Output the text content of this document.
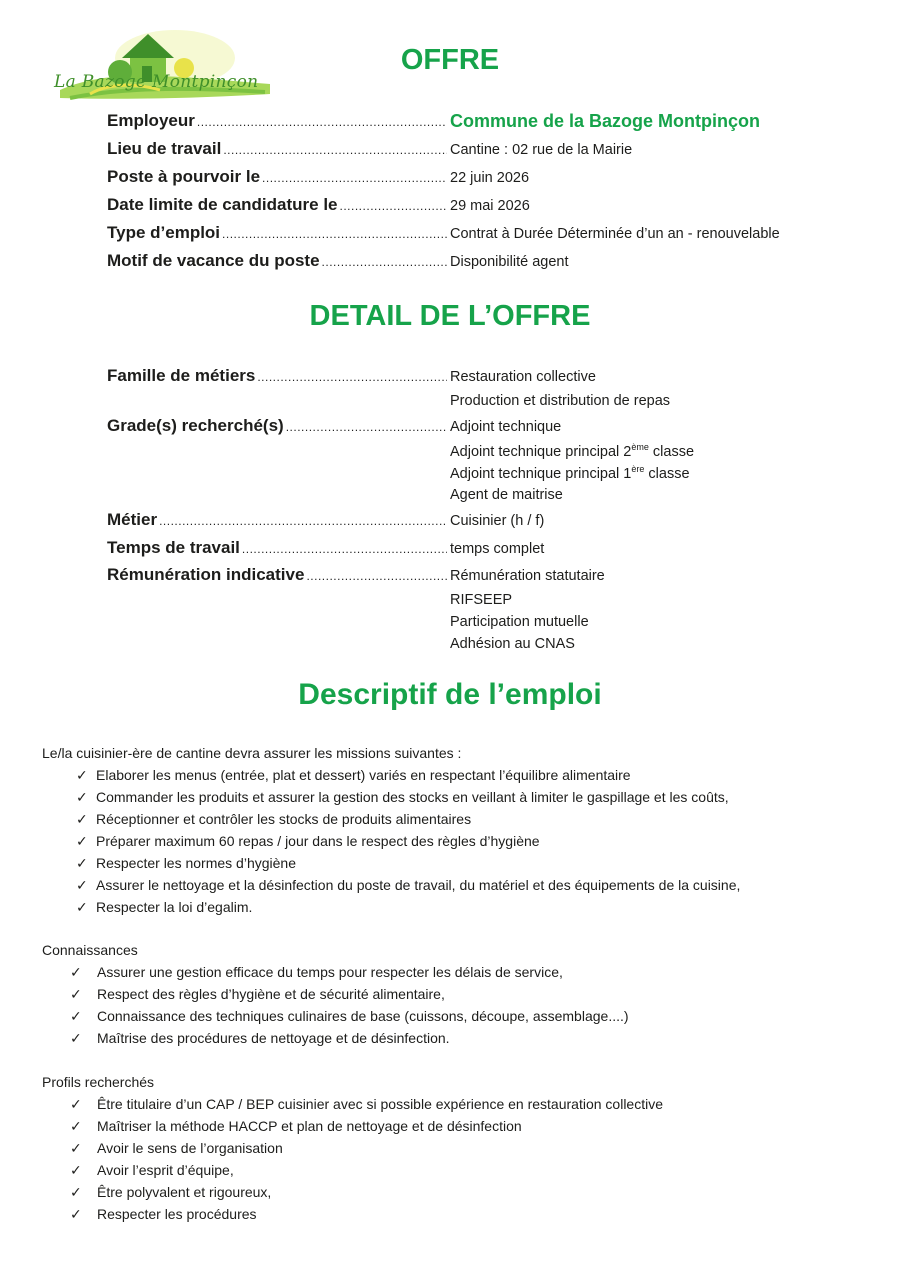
La Bazoge Montpinçon
OFFRE
Employeur .....	Commune de la Bazoge Montpinçon
Lieu de travail .....	Cantine : 02 rue de la Mairie
Poste à pourvoir le .....	22 juin 2026
Date limite de candidature le .....	29 mai 2026
Type d’emploi .....	Contrat à Durée Déterminée d’un an - renouvelable
Motif de vacance du poste .....	Disponibilité agent
DETAIL DE L’OFFRE
Famille de métiers .....	Restauration collective
Production et distribution de repas
Grade(s) recherché(s) .....	Adjoint technique
Adjoint technique principal 2ème classe
Adjoint technique principal 1ère classe
Agent de maitrise
Métier .....	Cuisinier (h / f)
Temps de travail .....	temps complet
Rémunération indicative .....	Rémunération statutaire
RIFSEEP
Participation mutuelle
Adhésion au CNAS
Descriptif de l’emploi
Le/la cuisinier-ère de cantine devra assurer les missions suivantes :
✓ Elaborer les menus (entrée, plat et dessert) variés en respectant l’équilibre alimentaire
✓ Commander les produits et assurer la gestion des stocks en veillant à limiter le gaspillage et les coûts,
✓ Réceptionner et contrôler les stocks de produits alimentaires
✓ Préparer maximum 60 repas / jour dans le respect des règles d’hygiène
✓ Respecter les normes d’hygiène
✓ Assurer le nettoyage et la désinfection du poste de travail, du matériel et des équipements de la cuisine,
✓ Respecter la loi d’egalim.
Connaissances
✓ Assurer une gestion efficace du temps pour respecter les délais de service,
✓ Respect des règles d’hygiène et de sécurité alimentaire,
✓ Connaissance des techniques culinaires de base (cuissons, découpe, assemblage....)
✓ Maîtrise des procédures de nettoyage et de désinfection.
Profils recherchés
✓ Être titulaire d’un CAP / BEP cuisinier avec si possible expérience en restauration collective
✓ Maîtriser la méthode HACCP et plan de nettoyage et de désinfection
✓ Avoir le sens de l’organisation
✓ Avoir l’esprit d’équipe,
✓ Être polyvalent et rigoureux,
✓ Respecter les procédures
